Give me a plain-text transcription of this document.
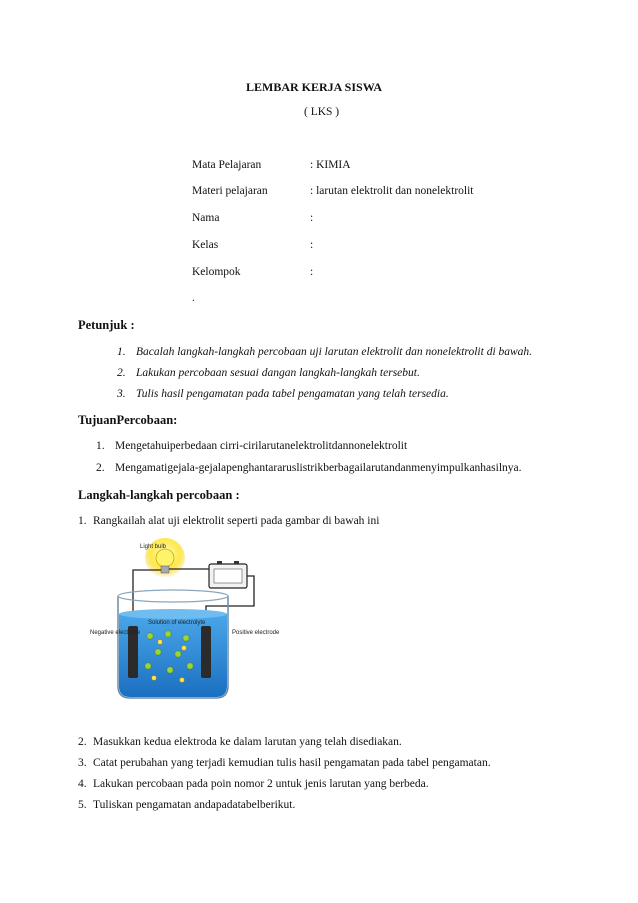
LEMBAR KERJA SISWA
( LKS )
Mata Pelajaran	: KIMIA
Materi pelajaran	: larutan elektrolit dan nonelektrolit
Nama	:
Kelas	:
Kelompok	:
.
Petunjuk :
1. Bacalah langkah-langkah percobaan uji larutan elektrolit dan nonelektrolit di bawah.
2. Lakukan percobaan sesuai dangan langkah-langkah tersebut.
3. Tulis hasil pengamatan pada tabel pengamatan yang telah tersedia.
TujuanPercobaan:
1. Mengetahuiperbedaan cirri-cirilarutanelektrolitdannonelektrolit
2. Mengamatigejala-gejalapenghantararuslistrikberbagailarutandanmenyimpulkanhasilnya.
Langkah-langkah percobaan :
1. Rangkailah alat uji elektrolit seperti pada gambar di bawah ini
Light bulb
Solution of electrolyte
Negative electrode	Positive electrode
2. Masukkan kedua elektroda ke dalam larutan yang telah disediakan.
3. Catat perubahan yang terjadi kemudian tulis hasil pengamatan pada tabel pengamatan.
4. Lakukan percobaan pada poin nomor 2 untuk jenis larutan yang berbeda.
5. Tuliskan pengamatan andapadatabelberikut.
